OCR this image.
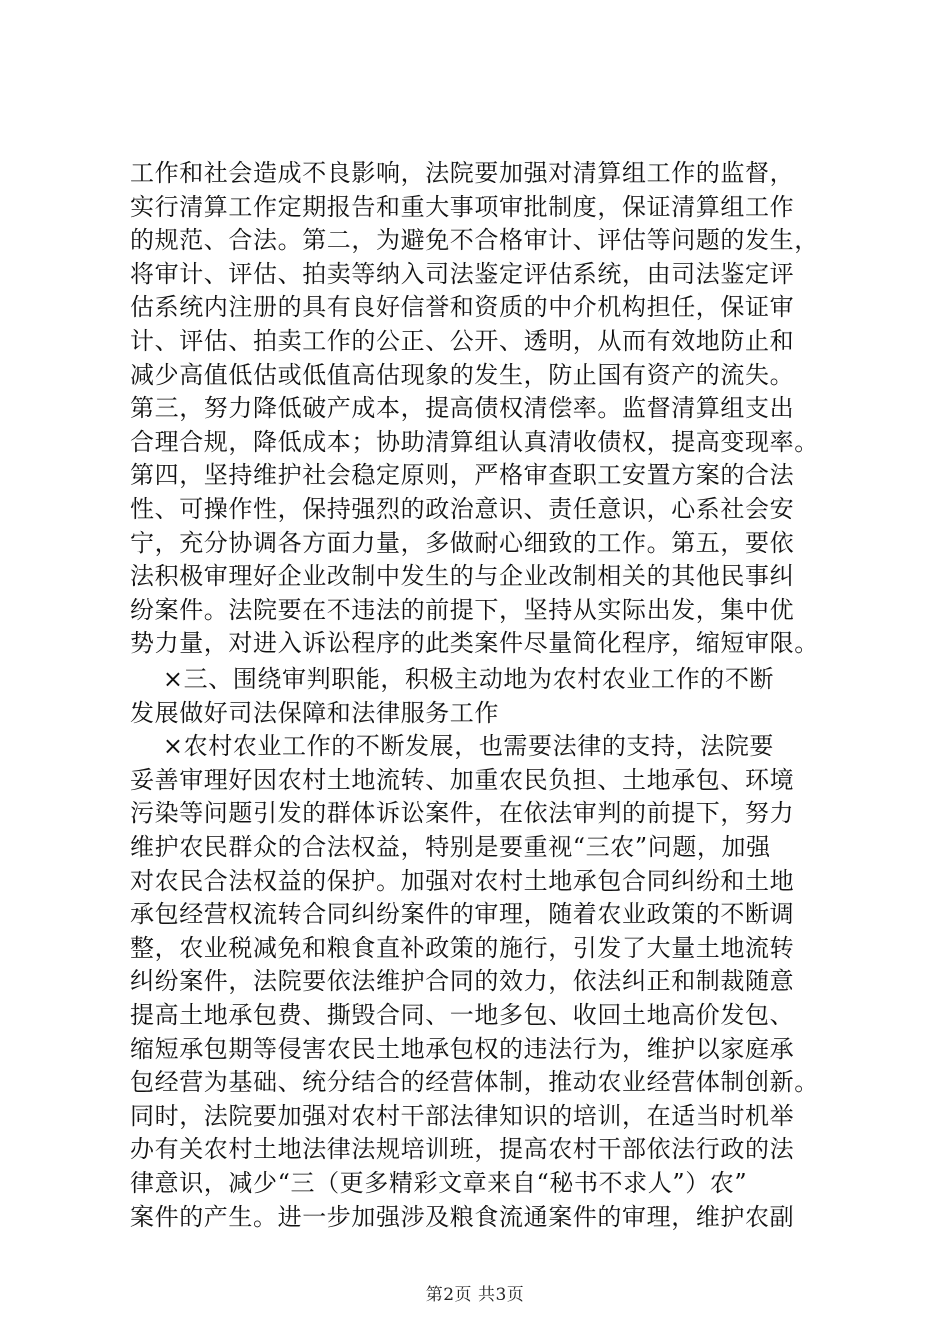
工作和社会造成不良影响，法院要加强对清算组工作的监督，
实行清算工作定期报告和重大事项审批制度，保证清算组工作
的规范、合法。第二，为避免不合格审计、评估等问题的发生，
将审计、评估、拍卖等纳入司法鉴定评估系统，由司法鉴定评
估系统内注册的具有良好信誉和资质的中介机构担任，保证审
计、评估、拍卖工作的公正、公开、透明，从而有效地防止和
减少高值低估或低值高估现象的发生，防止国有资产的流失。
第三，努力降低破产成本，提高债权清偿率。监督清算组支出
合理合规，降低成本；协助清算组认真清收债权，提高变现率。
第四，坚持维护社会稳定原则，严格审查职工安置方案的合法
性、可操作性，保持强烈的政治意识、责任意识，心系社会安
宁，充分协调各方面力量，多做耐心细致的工作。第五，要依
法积极审理好企业改制中发生的与企业改制相关的其他民事纠
纷案件。法院要在不违法的前提下，坚持从实际出发，集中优
势力量，对进入诉讼程序的此类案件尽量简化程序，缩短审限。
×三、围绕审判职能，积极主动地为农村农业工作的不断
发展做好司法保障和法律服务工作
×农村农业工作的不断发展，也需要法律的支持，法院要
妥善审理好因农村土地流转、加重农民负担、土地承包、环境
污染等问题引发的群体诉讼案件，在依法审判的前提下，努力
维护农民群众的合法权益，特别是要重视“三农”问题，加强
对农民合法权益的保护。加强对农村土地承包合同纠纷和土地
承包经营权流转合同纠纷案件的审理，随着农业政策的不断调
整，农业税减免和粮食直补政策的施行，引发了大量土地流转
纠纷案件，法院要依法维护合同的效力，依法纠正和制裁随意
提高土地承包费、撕毁合同、一地多包、收回土地高价发包、
缩短承包期等侵害农民土地承包权的违法行为，维护以家庭承
包经营为基础、统分结合的经营体制，推动农业经营体制创新。
同时，法院要加强对农村干部法律知识的培训，在适当时机举
办有关农村土地法律法规培训班，提高农村干部依法行政的法
律意识，减少“三（更多精彩文章来自“秘书不求人”）农”
案件的产生。进一步加强涉及粮食流通案件的审理，维护农副
第2页 共3页
